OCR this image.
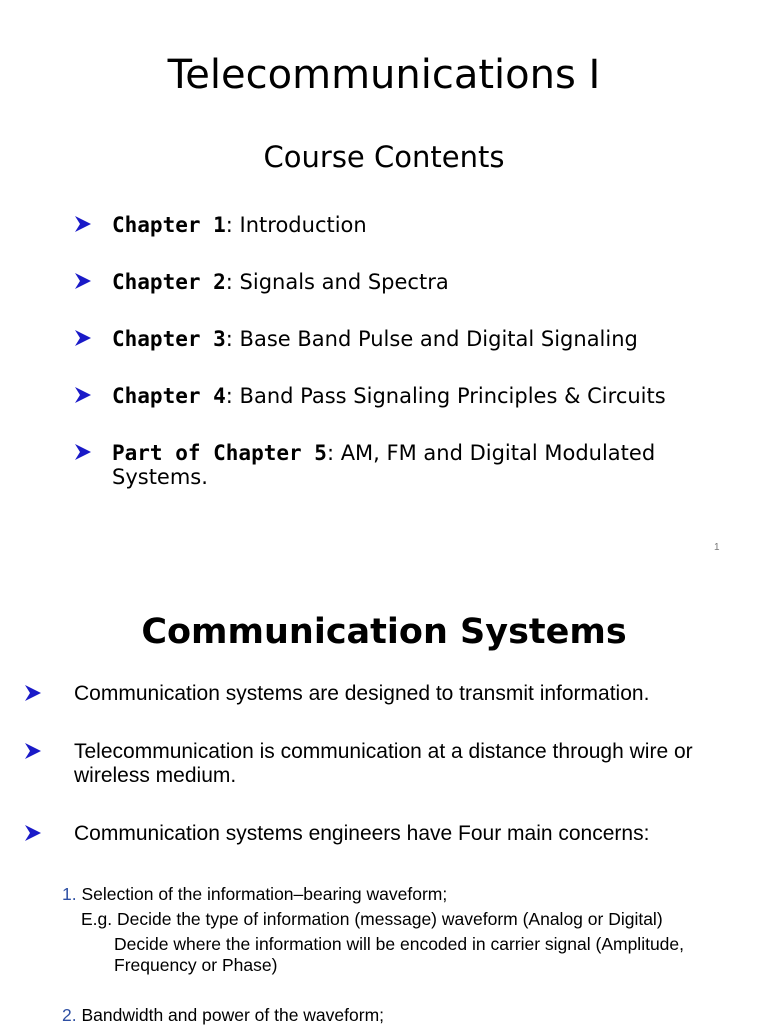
Telecommunications I
Course Contents
Chapter 1: Introduction
Chapter 2: Signals and Spectra
Chapter 3: Base Band Pulse and Digital Signaling
Chapter 4: Band Pass Signaling Principles & Circuits
Part of Chapter 5: AM, FM and Digital Modulated Systems.
1
Communication Systems
Communication systems are designed to transmit information.
Telecommunication is communication at a distance through wire or wireless medium.
Communication systems engineers have Four main concerns:
1. Selection of the information–bearing waveform;
E.g. Decide the type of information (message) waveform (Analog or Digital)
Decide where the information will be encoded in carrier signal (Amplitude, Frequency or Phase)
2. Bandwidth and power of the waveform;
